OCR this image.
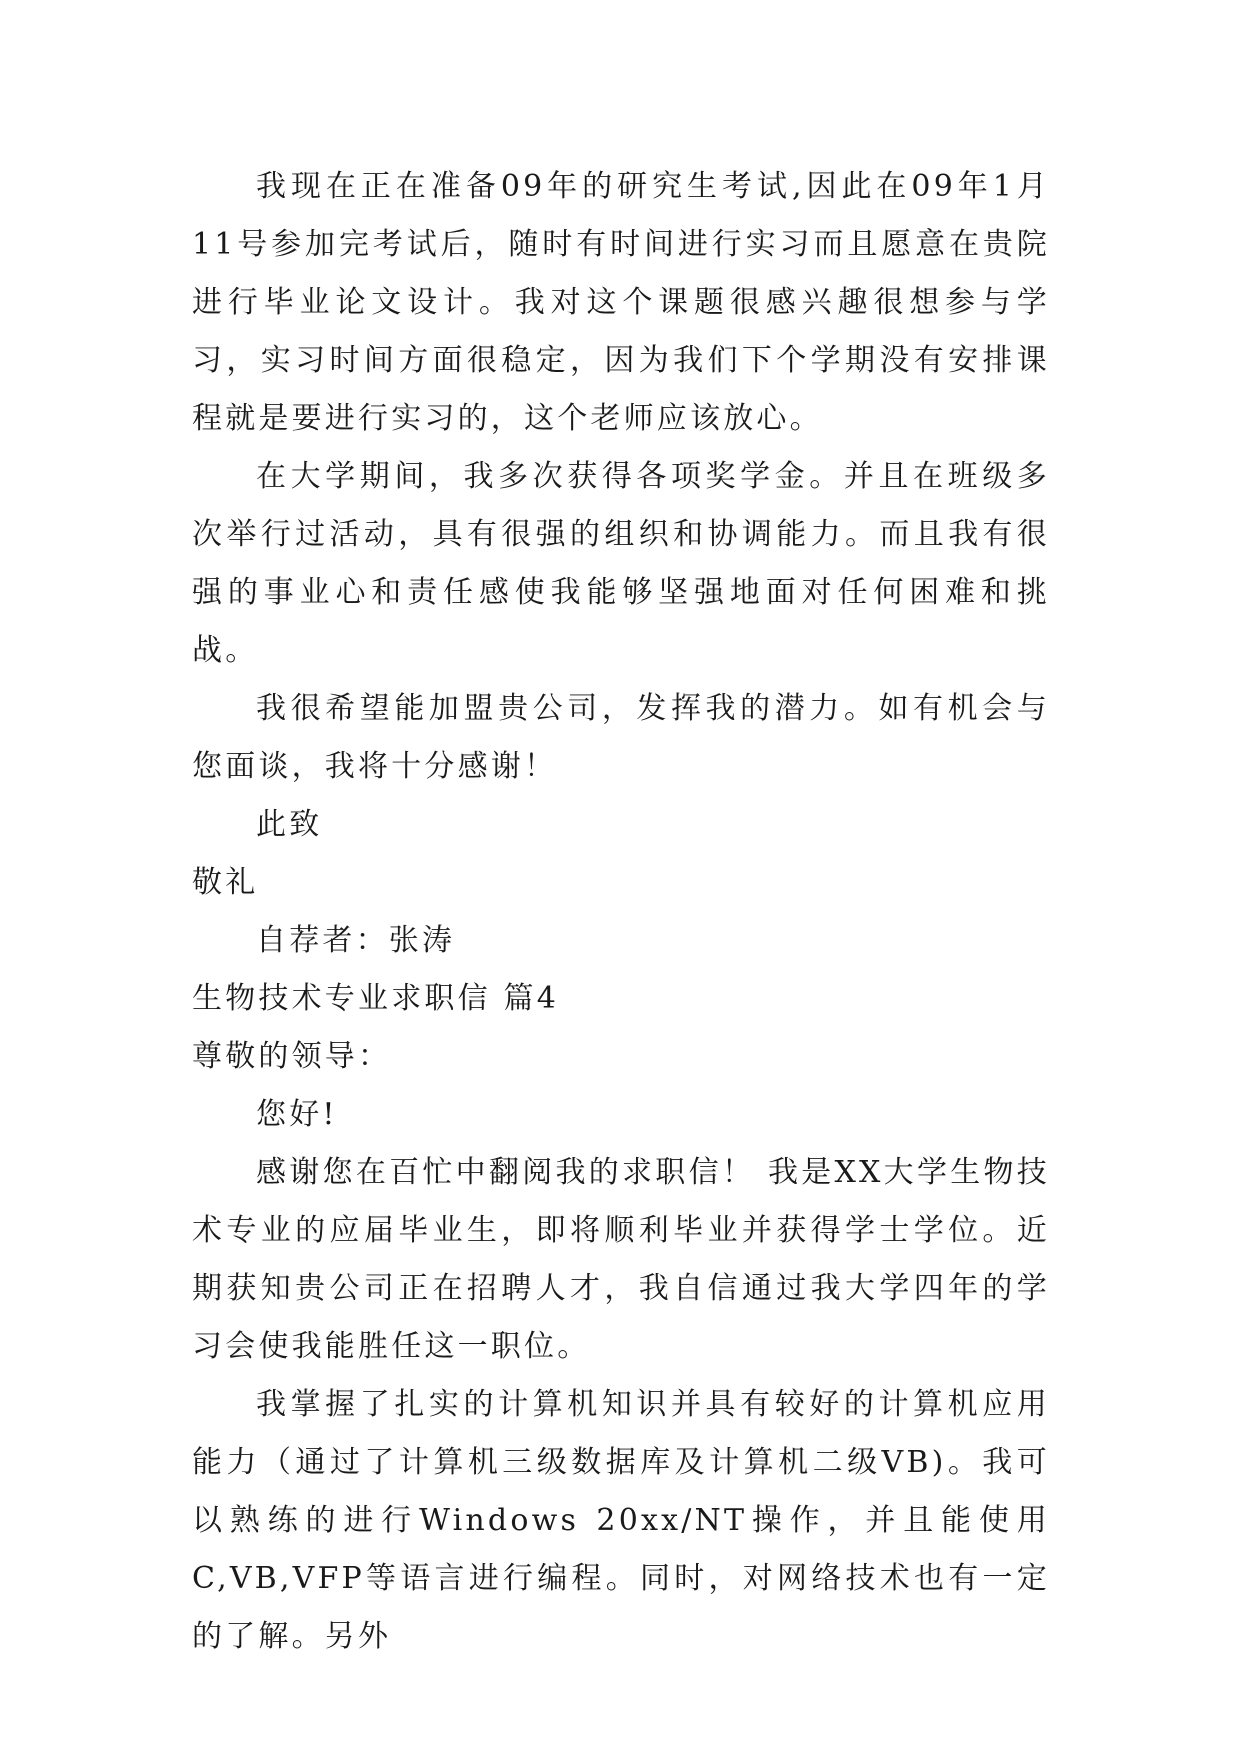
我现在正在准备09年的研究生考试,因此在09年1月11号参加完考试后，随时有时间进行实习而且愿意在贵院进行毕业论文设计。我对这个课题很感兴趣很想参与学习，实习时间方面很稳定，因为我们下个学期没有安排课程就是要进行实习的，这个老师应该放心。

在大学期间，我多次获得各项奖学金。并且在班级多次举行过活动，具有很强的组织和协调能力。而且我有很强的事业心和责任感使我能够坚强地面对任何困难和挑战。

我很希望能加盟贵公司，发挥我的潜力。如有机会与您面谈，我将十分感谢！

此致

敬礼

自荐者：张涛

生物技术专业求职信 篇4

尊敬的领导：

您好!

感谢您在百忙中翻阅我的求职信！ 我是XX大学生物技术专业的应届毕业生，即将顺利毕业并获得学士学位。近期获知贵公司正在招聘人才，我自信通过我大学四年的学习会使我能胜任这一职位。

我掌握了扎实的计算机知识并具有较好的计算机应用能力（通过了计算机三级数据库及计算机二级VB)。我可以熟练的进行Windows 20xx/NT操作，并且能使用C,VB,VFP等语言进行编程。同时，对网络技术也有一定的了解。另外
